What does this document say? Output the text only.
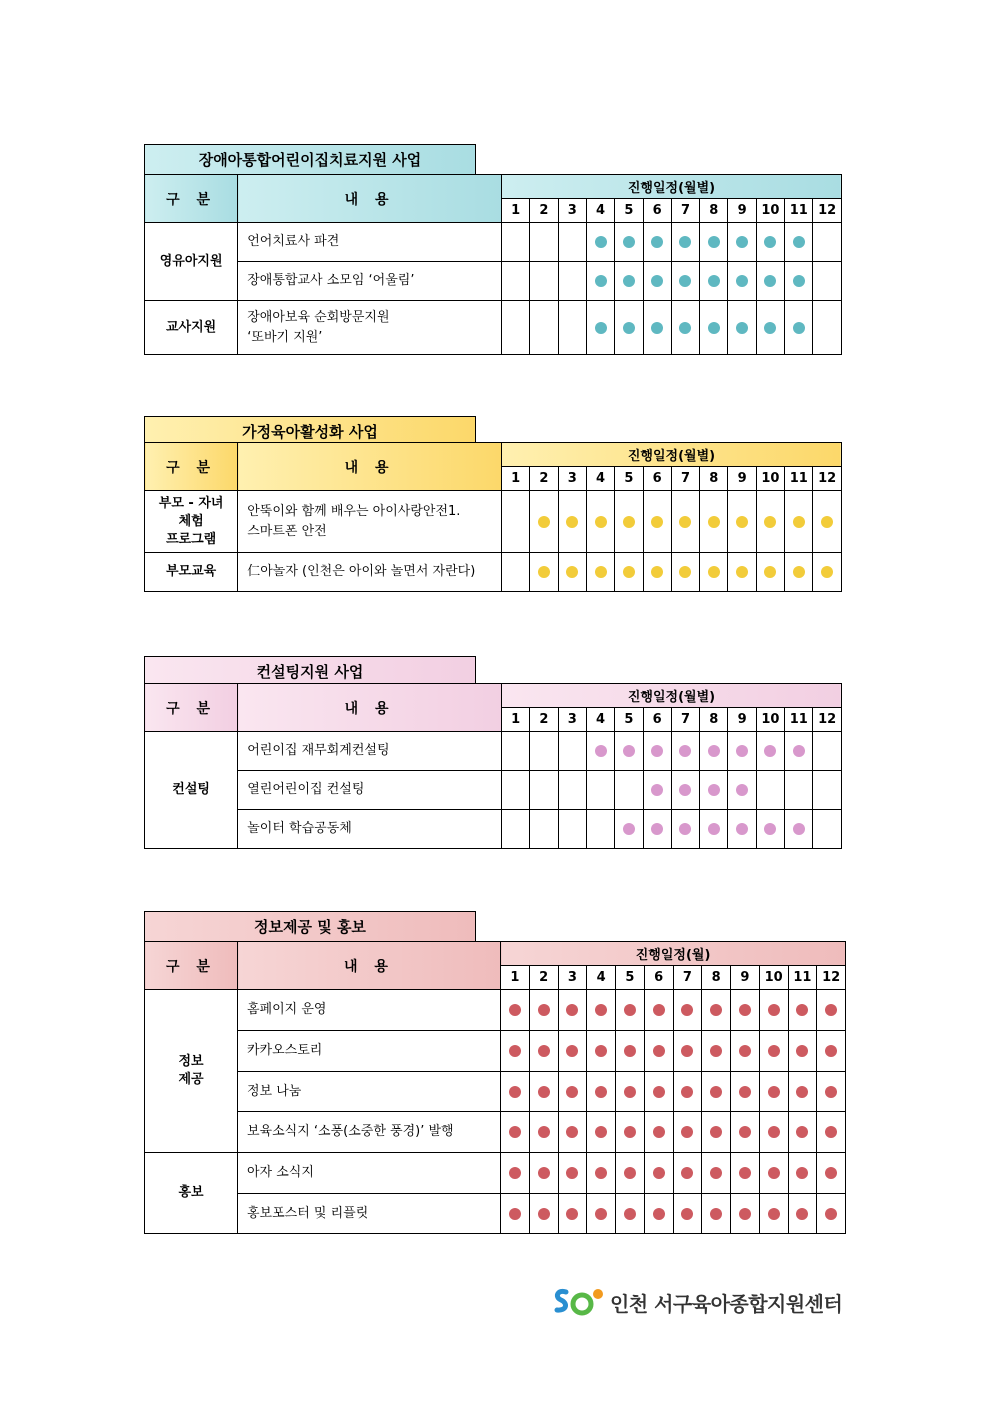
장애아통합어린이집치료지원 사업
구 분	내 용	진행일정(월별)											
		1	2	3	4	5	6	7	8	9	10	11	12
영유아지원	언어치료사 파견												
	장애통합교사 소모임 ‘어울림’												
교사지원	장애아보육 순회방문지원
‘또바기 지원’												
가정육아활성화 사업
구 분	내 용	진행일정(월별)											
		1	2	3	4	5	6	7	8	9	10	11	12
부모 - 자녀
체험
프로그램	안뚝이와 함께 배우는 아이사랑안전1.
스마트폰 안전												
부모교육	仁아놀자 (인천은 아이와 놀면서 자란다)												
컨설팅지원 사업
구 분	내 용	진행일정(월별)											
		1	2	3	4	5	6	7	8	9	10	11	12
컨설팅	어린이집 재무회계컨설팅												
	열린어린이집 컨설팅												
	놀이터 학습공동체												
정보제공 및 홍보
구 분	내 용	진행일정(월)											
		1	2	3	4	5	6	7	8	9	10	11	12
정보
제공	홈페이지 운영												
	카카오스토리												
	정보 나눔												
	보육소식지 ‘소풍(소중한 풍경)’ 발행												
홍보	아자 소식지												
	홍보포스터 및 리플릿												
인천 서구육아종합지원센터
